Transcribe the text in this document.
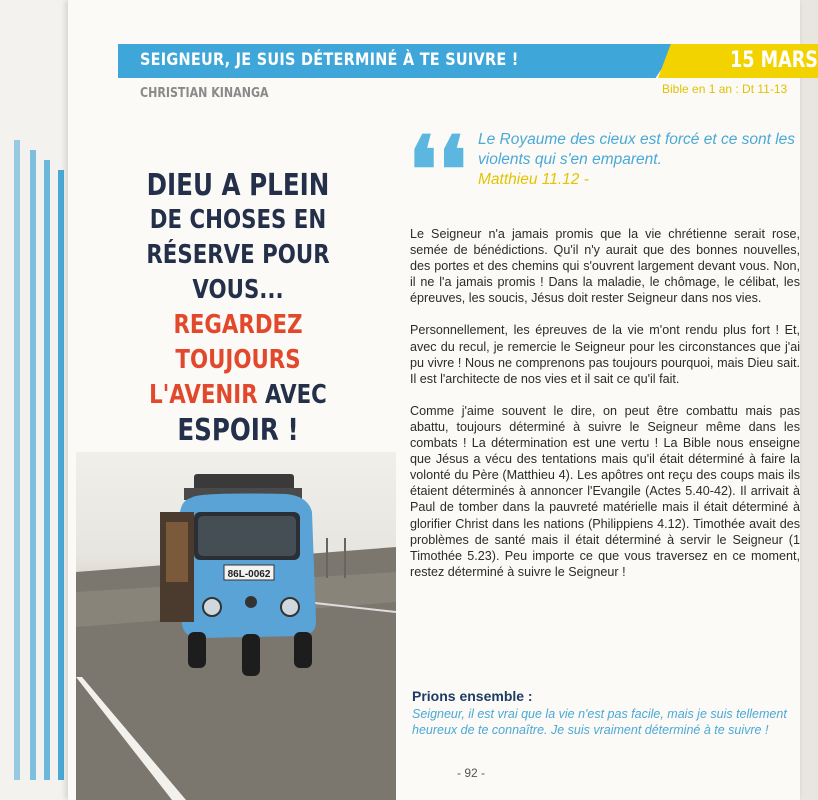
SEIGNEUR, JE SUIS DÉTERMINÉ À TE SUIVRE !	15 MARS
CHRISTIAN KINANGA	Bible en 1 an : Dt 11-13
DIEU A PLEIN
DE CHOSES EN
RÉSERVE POUR VOUS...
REGARDEZ TOUJOURS
L'AVENIR AVEC
ESPOIR !
86L-0062
❛❛ Le Royaume des cieux est forcé et ce sont les violents qui s'en emparent.
Matthieu 11.12 -

Le Seigneur n'a jamais promis que la vie chrétienne serait rose, semée de bénédictions. Qu'il n'y aurait que des bonnes nouvelles, des portes et des chemins qui s'ouvrent largement devant vous. Non, il ne l'a jamais promis ! Dans la maladie, le chômage, le célibat, les épreuves, les soucis, Jésus doit rester Seigneur dans nos vies.

Personnellement, les épreuves de la vie m'ont rendu plus fort ! Et, avec du recul, je remercie le Seigneur pour les circonstances que j'ai pu vivre ! Nous ne comprenons pas toujours pourquoi, mais Dieu sait. Il est l'architecte de nos vies et il sait ce qu'il fait.

Comme j'aime souvent le dire, on peut être combattu mais pas abattu, toujours déterminé à suivre le Seigneur même dans les combats ! La détermination est une vertu ! La Bible nous enseigne que Jésus a vécu des tentations mais qu'il était déterminé à faire la volonté du Père (Matthieu 4). Les apôtres ont reçu des coups mais ils étaient déterminés à annoncer l'Evangile (Actes 5.40-42). Il arrivait à Paul de tomber dans la pauvreté matérielle mais il était déterminé à glorifier Christ dans les nations (Philippiens 4.12). Timothée avait des problèmes de santé mais il était déterminé à servir le Seigneur (1 Timothée 5.23). Peu importe ce que vous traversez en ce moment, restez déterminé à suivre le Seigneur !

Prions ensemble :
Seigneur, il est vrai que la vie n'est pas facile, mais je suis tellement heureux de te connaître. Je suis vraiment déterminé à te suivre !
- 92 -
